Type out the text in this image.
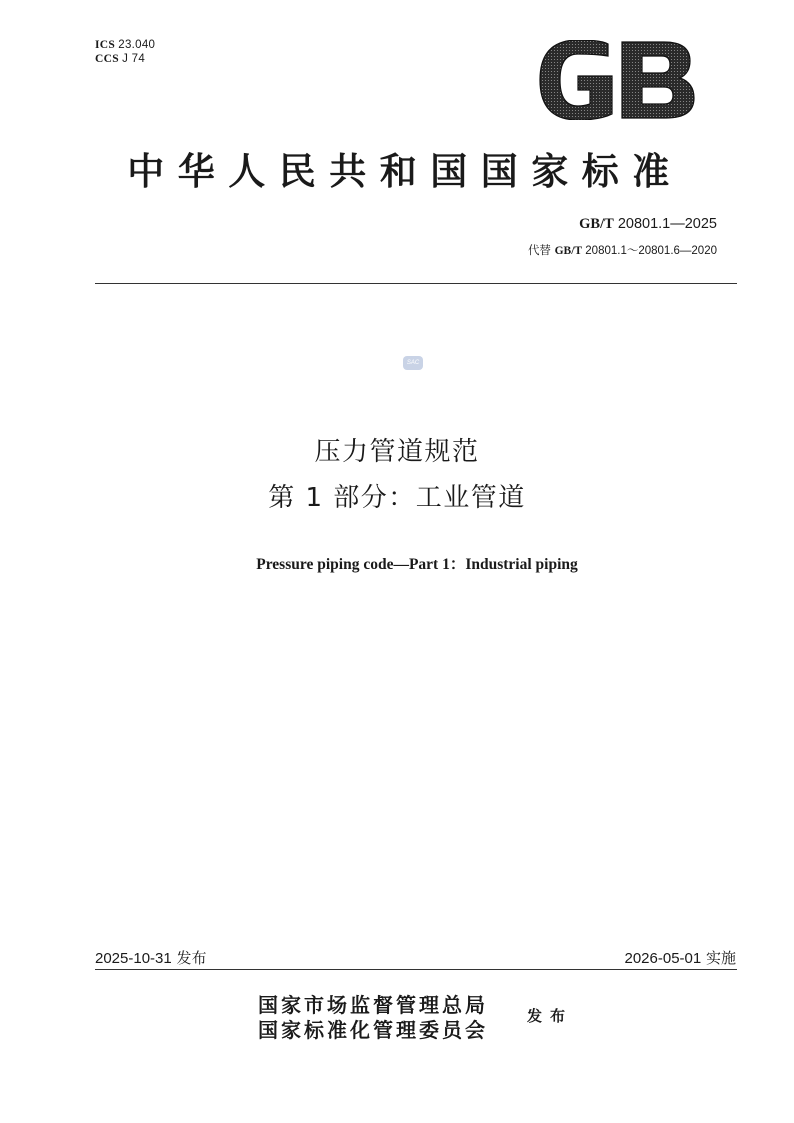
ICS 23.040
CCS J 74
中华人民共和国国家标准
GB/T 20801.1—2025
代替 GB/T 20801.1～20801.6—2020
SAC
压力管道规范
第 1 部分：工业管道
Pressure piping code—Part 1：Industrial piping
2025-10-31 发布	2026-05-01 实施
国家市场监督管理总局
国家标准化管理委员会
发布
